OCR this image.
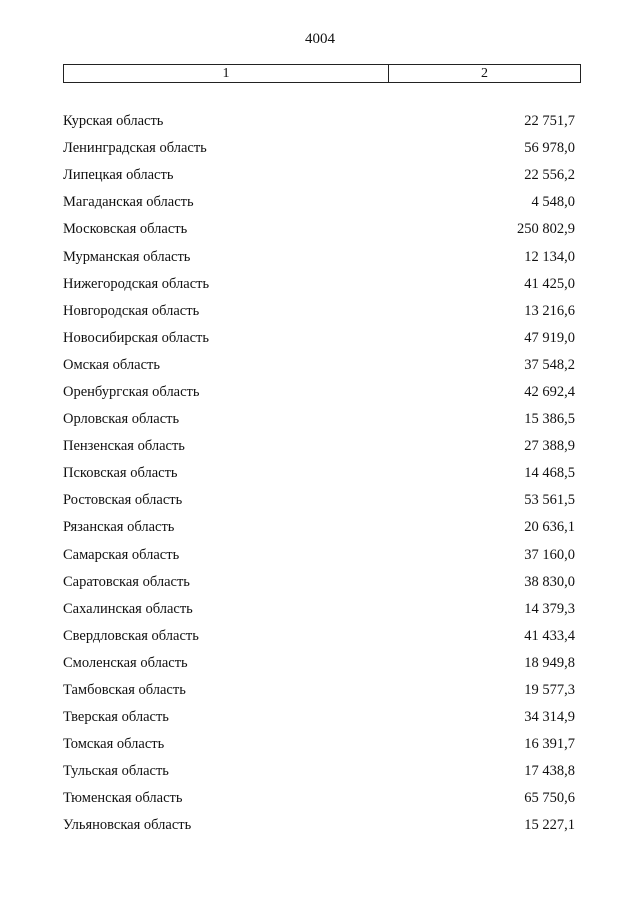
4004
1	2
Курская область	22 751,7
Ленинградская область	56 978,0
Липецкая область	22 556,2
Магаданская область	4 548,0
Московская область	250 802,9
Мурманская область	12 134,0
Нижегородская область	41 425,0
Новгородская область	13 216,6
Новосибирская область	47 919,0
Омская область	37 548,2
Оренбургская область	42 692,4
Орловская область	15 386,5
Пензенская область	27 388,9
Псковская область	14 468,5
Ростовская область	53 561,5
Рязанская область	20 636,1
Самарская область	37 160,0
Саратовская область	38 830,0
Сахалинская область	14 379,3
Свердловская область	41 433,4
Смоленская область	18 949,8
Тамбовская область	19 577,3
Тверская область	34 314,9
Томская область	16 391,7
Тульская область	17 438,8
Тюменская область	65 750,6
Ульяновская область	15 227,1
